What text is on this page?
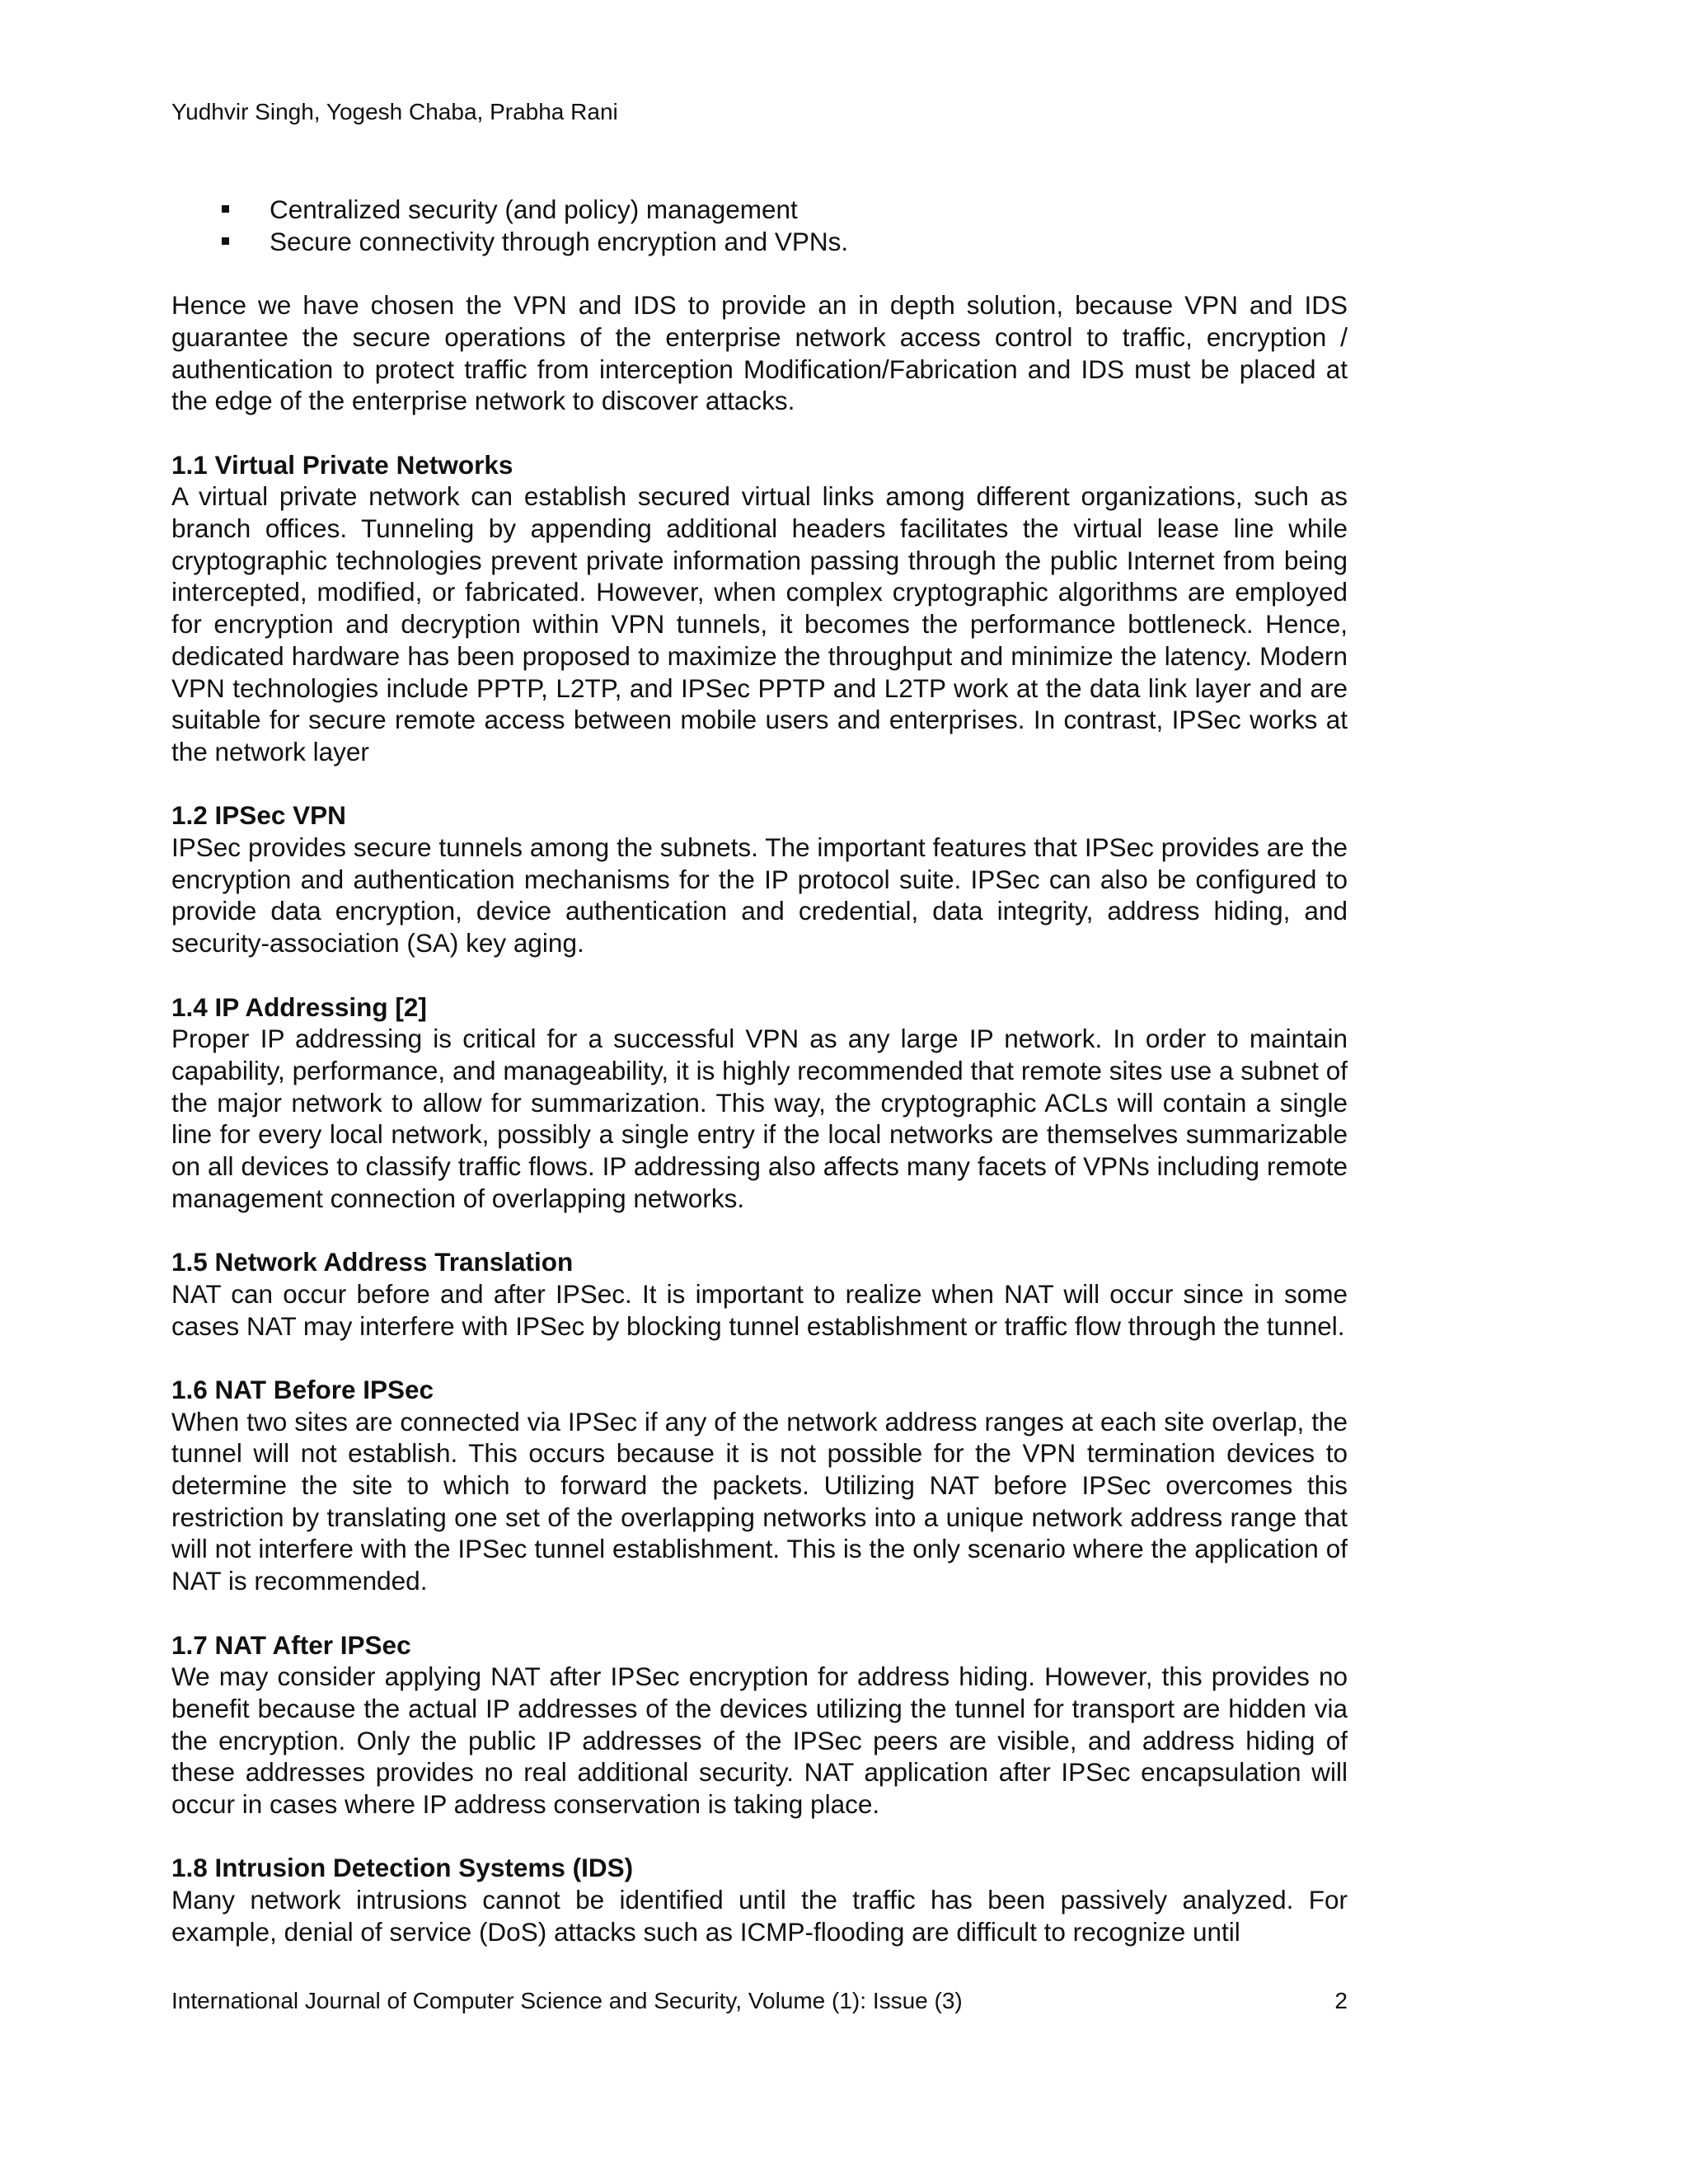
Yudhvir Singh, Yogesh Chaba, Prabha Rani
Centralized security (and policy) management
Secure connectivity through encryption and VPNs.

Hence we have chosen the VPN and IDS to provide an in depth solution, because VPN and IDS guarantee the secure operations of the enterprise network access control to traffic, encryption / authentication to protect traffic from interception Modification/Fabrication and IDS must be placed at the edge of the enterprise network to discover attacks.

1.1 Virtual Private Networks

A virtual private network can establish secured virtual links among different organizations, such as branch offices. Tunneling by appending additional headers facilitates the virtual lease line while cryptographic technologies prevent private information passing through the public Internet from being intercepted, modified, or fabricated. However, when complex cryptographic algorithms are employed for encryption and decryption within VPN tunnels, it becomes the performance bottleneck. Hence, dedicated hardware has been proposed to maximize the throughput and minimize the latency. Modern VPN technologies include PPTP, L2TP, and IPSec PPTP and L2TP work at the data link layer and are suitable for secure remote access between mobile users and enterprises. In contrast, IPSec works at the network layer

1.2 IPSec VPN

IPSec provides secure tunnels among the subnets. The important features that IPSec provides are the encryption and authentication mechanisms for the IP protocol suite. IPSec can also be configured to provide data encryption, device authentication and credential, data integrity, address hiding, and security-association (SA) key aging.

1.4 IP Addressing [2]

Proper IP addressing is critical for a successful VPN as any large IP network. In order to maintain capability, performance, and manageability, it is highly recommended that remote sites use a subnet of the major network to allow for summarization. This way, the cryptographic ACLs will contain a single line for every local network, possibly a single entry if the local networks are themselves summarizable on all devices to classify traffic flows. IP addressing also affects many facets of VPNs including remote management connection of overlapping networks.

1.5 Network Address Translation

NAT can occur before and after IPSec. It is important to realize when NAT will occur since in some cases NAT may interfere with IPSec by blocking tunnel establishment or traffic flow through the tunnel.

1.6 NAT Before IPSec

When two sites are connected via IPSec if any of the network address ranges at each site overlap, the tunnel will not establish. This occurs because it is not possible for the VPN termination devices to determine the site to which to forward the packets. Utilizing NAT before IPSec overcomes this restriction by translating one set of the overlapping networks into a unique network address range that will not interfere with the IPSec tunnel establishment. This is the only scenario where the application of NAT is recommended.

1.7 NAT After IPSec

We may consider applying NAT after IPSec encryption for address hiding. However, this provides no benefit because the actual IP addresses of the devices utilizing the tunnel for transport are hidden via the encryption. Only the public IP addresses of the IPSec peers are visible, and address hiding of these addresses provides no real additional security. NAT application after IPSec encapsulation will occur in cases where IP address conservation is taking place.

1.8 Intrusion Detection Systems (IDS)

Many network intrusions cannot be identified until the traffic has been passively analyzed. For example, denial of service (DoS) attacks such as ICMP-flooding are difficult to recognize until

International Journal of Computer Science and Security, Volume (1): Issue (3)	2
